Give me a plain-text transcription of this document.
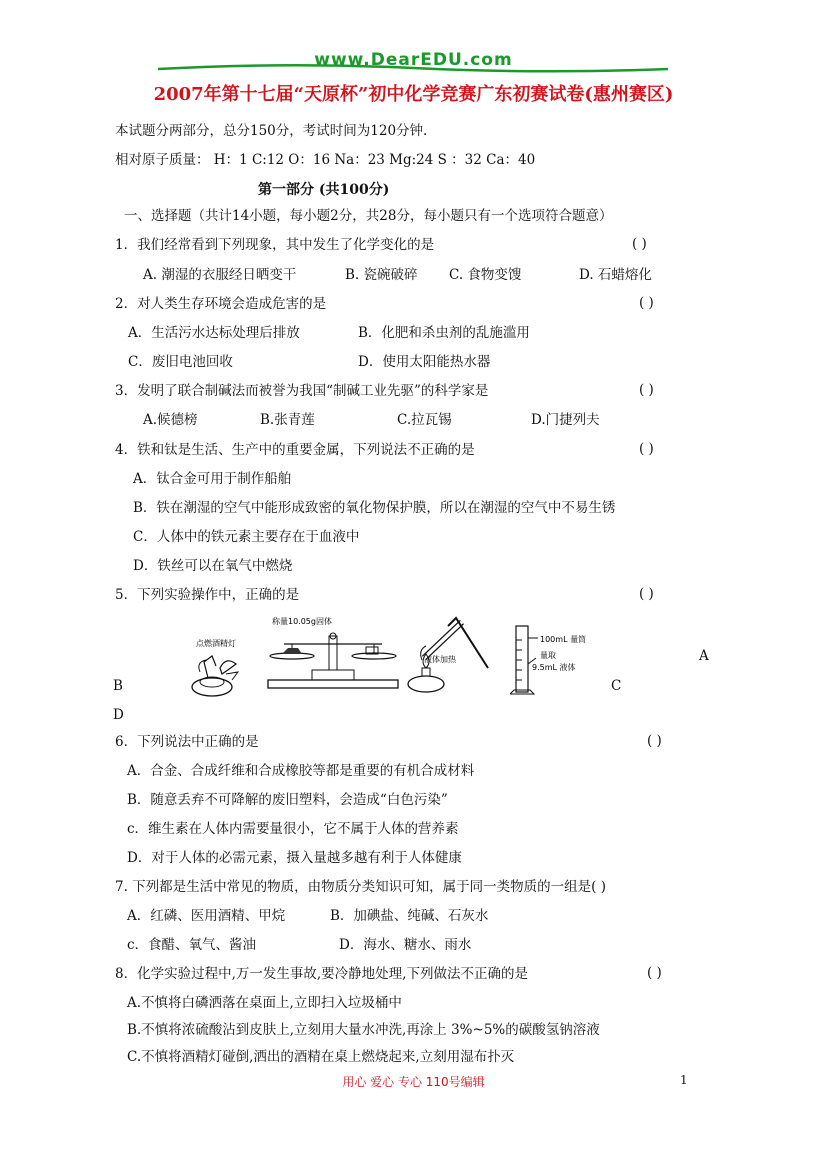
www.DearEDU.com
2007年第十七届“天原杯”初中化学竞赛广东初赛试卷(惠州赛区)
本试题分两部分，总分150分，考试时间为120分钟.
相对原子质量： H：1 C:12 O：16 Na：23 Mg:24 S ：32 Ca：40
第一部分 (共100分)
一、选择题（共计14小题，每小题2分，共28分，每小题只有一个选项符合题意）
1．我们经常看到下列现象，其中发生了化学变化的是	( )
A. 潮湿的衣服经日晒变干	B. 瓷碗破碎 C. 食物变馊	D. 石蜡熔化
2．对人类生存环境会造成危害的是	( )
A．生活污水达标处理后排放	B．化肥和杀虫剂的乱施滥用
C．废旧电池回收	D．使用太阳能热水器
3．发明了联合制碱法而被誉为我国“制碱工业先驱”的科学家是	( )
A.候德榜	B.张青莲	C.拉瓦锡	D.门捷列夫
4．铁和钛是生活、生产中的重要金属，下列说法不正确的是	( )
A．钛合金可用于制作船舶
B．铁在潮湿的空气中能形成致密的氧化物保护膜，所以在潮湿的空气中不易生锈
C．人体中的铁元素主要存在于血液中
D．铁丝可以在氧气中燃烧
5．下列实验操作中，正确的是	( )
点燃酒精灯
称量10.05g固体
液体加热
100mL 量筒
量取
9.5mL 液体
A
B	C
D
6．下列说法中正确的是	( )
A．合金、合成纤维和合成橡胶等都是重要的有机合成材料
B．随意丢弃不可降解的废旧塑料，会造成“白色污染”
c．维生素在人体内需要量很小，它不属于人体的营养素
D．对于人体的必需元素，摄入量越多越有利于人体健康
7. 下列都是生活中常见的物质，由物质分类知识可知，属于同一类物质的一组是( )
A．红磷、医用酒精、甲烷	B．加碘盐、纯碱、石灰水
c．食醋、氧气、酱油	D．海水、糖水、雨水
8．化学实验过程中,万一发生事故,要冷静地处理,下列做法不正确的是	( )
A.不慎将白磷洒落在桌面上,立即扫入垃圾桶中
B.不慎将浓硫酸沾到皮肤上,立刻用大量水冲洗,再涂上 3%~5%的碳酸氢钠溶液
C.不慎将酒精灯碰倒,洒出的酒精在桌上燃烧起来,立刻用湿布扑灭
用心 爱心 专心 110号编辑	1
